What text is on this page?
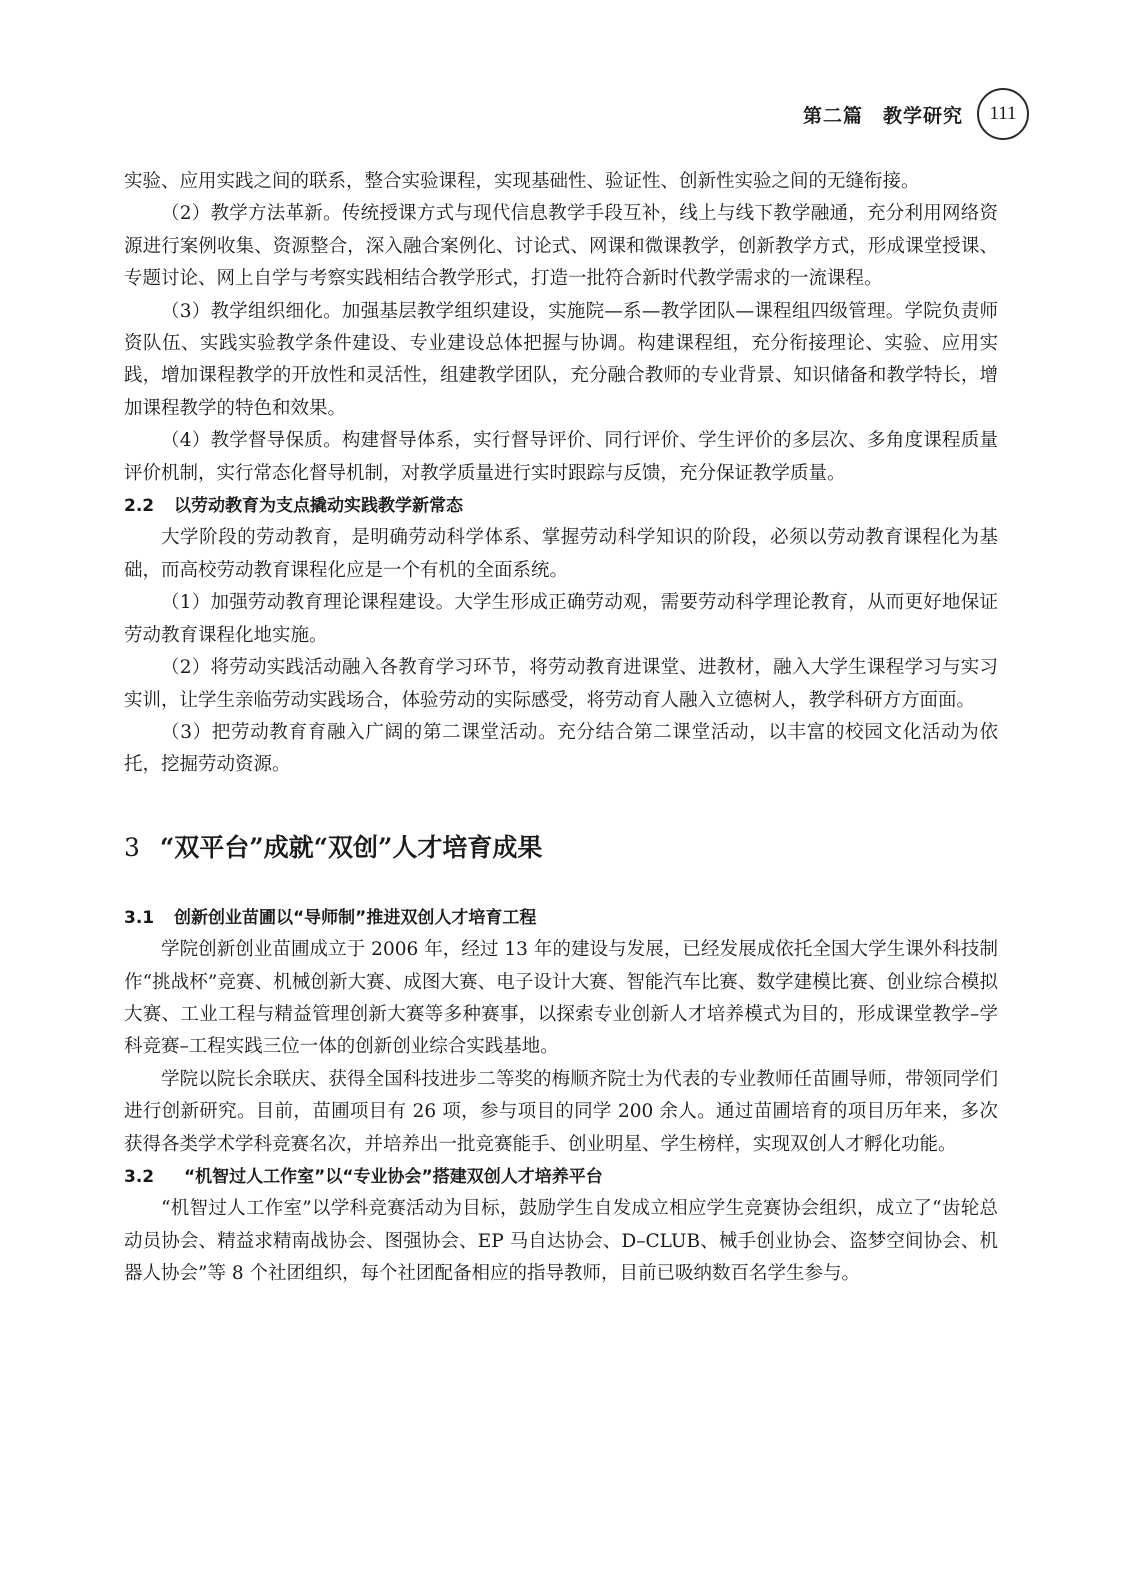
第二篇　教学研究	111

实验、应用实践之间的联系，整合实验课程，实现基础性、验证性、创新性实验之间的无缝衔接。

（2）教学方法革新。传统授课方式与现代信息教学手段互补，线上与线下教学融通，充分利用网络资源进行案例收集、资源整合，深入融合案例化、讨论式、网课和微课教学，创新教学方式，形成课堂授课、专题讨论、网上自学与考察实践相结合教学形式，打造一批符合新时代教学需求的一流课程。

（3）教学组织细化。加强基层教学组织建设，实施院—系—教学团队—课程组四级管理。学院负责师资队伍、实践实验教学条件建设、专业建设总体把握与协调。构建课程组，充分衔接理论、实验、应用实践，增加课程教学的开放性和灵活性，组建教学团队，充分融合教师的专业背景、知识储备和教学特长，增加课程教学的特色和效果。

（4）教学督导保质。构建督导体系，实行督导评价、同行评价、学生评价的多层次、多角度课程质量评价机制，实行常态化督导机制，对教学质量进行实时跟踪与反馈，充分保证教学质量。

2.2 以劳动教育为支点撬动实践教学新常态

大学阶段的劳动教育，是明确劳动科学体系、掌握劳动科学知识的阶段，必须以劳动教育课程化为基础，而高校劳动教育课程化应是一个有机的全面系统。

（1）加强劳动教育理论课程建设。大学生形成正确劳动观，需要劳动科学理论教育，从而更好地保证劳动教育课程化地实施。

（2）将劳动实践活动融入各教育学习环节，将劳动教育进课堂、进教材，融入大学生课程学习与实习实训，让学生亲临劳动实践场合，体验劳动的实际感受，将劳动育人融入立德树人，教学科研方方面面。

（3）把劳动教育育融入广阔的第二课堂活动。充分结合第二课堂活动，以丰富的校园文化活动为依托，挖掘劳动资源。

3 “双平台”成就“双创”人才培育成果
3.1 创新创业苗圃以“导师制”推进双创人才培育工程

学院创新创业苗圃成立于 2006 年，经过 13 年的建设与发展，已经发展成依托全国大学生课外科技制作“挑战杯”竞赛、机械创新大赛、成图大赛、电子设计大赛、智能汽车比赛、数学建模比赛、创业综合模拟大赛、工业工程与精益管理创新大赛等多种赛事，以探索专业创新人才培养模式为目的，形成课堂教学–学科竞赛–工程实践三位一体的创新创业综合实践基地。

学院以院长余联庆、获得全国科技进步二等奖的梅顺齐院士为代表的专业教师任苗圃导师，带领同学们进行创新研究。目前，苗圃项目有 26 项，参与项目的同学 200 余人。通过苗圃培育的项目历年来，多次获得各类学术学科竞赛名次，并培养出一批竞赛能手、创业明星、学生榜样，实现双创人才孵化功能。

3.2 “机智过人工作室”以“专业协会”搭建双创人才培养平台

“机智过人工作室”以学科竞赛活动为目标，鼓励学生自发成立相应学生竞赛协会组织，成立了“齿轮总动员协会、精益求精南战协会、图强协会、EP 马自达协会、D–CLUB、械手创业协会、盗梦空间协会、机器人协会”等 8 个社团组织，每个社团配备相应的指导教师，目前已吸纳数百名学生参与。
